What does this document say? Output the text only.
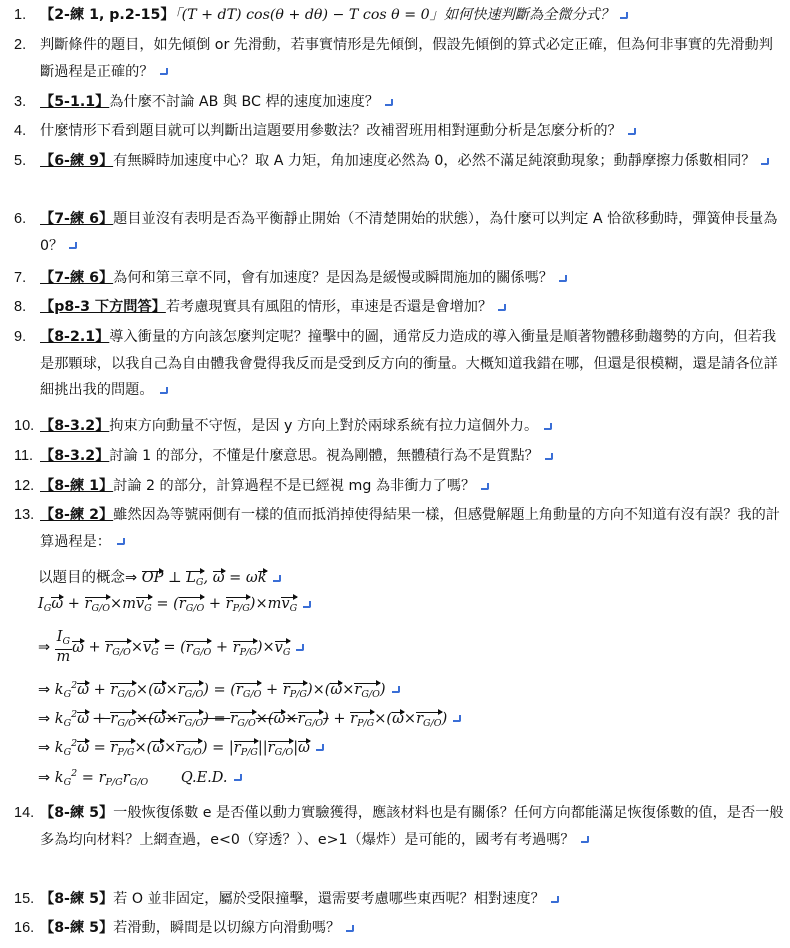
1. 【2-練 1, p.2-15】「(T + dT) cos(θ + dθ) − T cos θ = 0」如何快速判斷為全微分式？
2. 判斷條件的題目，如先傾倒 or 先滑動，若事實情形是先傾倒，假設先傾倒的算式必定正確，但為何非事實的先滑動判斷過程是正確的？
3. 【5-1.1】為什麼不討論 AB 與 BC 桿的速度加速度？
4. 什麼情形下看到題目就可以判斷出這題要用參數法？改補習班用相對運動分析是怎麼分析的？
5. 【6-練 9】有無瞬時加速度中心？取 A 力矩，角加速度必然為 0，必然不滿足純滾動現象；動靜摩擦力係數相同？
6. 【7-練 6】題目並沒有表明是否為平衡靜止開始（不清楚開始的狀態），為什麼可以判定 A 恰欲移動時，彈簧伸長量為 0？
7. 【7-練 6】為何和第三章不同，會有加速度？是因為是緩慢或瞬間施加的關係嗎？
8. 【p8-3 下方問答】若考慮現實具有風阻的情形，車速是否還是會增加？
9. 【8-2.1】導入衝量的方向該怎麼判定呢？撞擊中的圖，通常反力造成的導入衝量是順著物體移動趨勢的方向，但若我是那顆球，以我自己為自由體我會覺得我反而是受到反方向的衝量。大概知道我錯在哪，但還是很模糊，還是請各位詳細挑出我的問題。
10. 【8-3.2】拘束方向動量不守恆，是因 y 方向上對於兩球系統有拉力這個外力。
11. 【8-3.2】討論 1 的部分，不懂是什麼意思。視為剛體，無體積行為不是質點？
12. 【8-練 1】討論 2 的部分，計算過程不是已經視 mg 為非衝力了嗎？
13. 【8-練 2】雖然因為等號兩側有一樣的值而抵消掉使得結果一樣，但感覺解題上角動量的方向不知道有沒有誤？我的計算過程是：
以題目的概念⇒ OP ⊥ $L_G$, ω = ωk
$I_G\omega + r_{G/O}\times mv_G = (r_{G/O} + r_{P/G})\times mv_G$
⇒ $\frac{I_G}{m}$ $\omega + r_{G/O}\times v_G = (r_{G/O} + r_{P/G})\times v_G$
⇒ $k_G^2\omega + r_{G/O}\times(\omega\times r_{G/O}) = (r_{G/O} + r_{P/G})\times(\omega\times r_{G/O})$
⇒ $k_G^2\omega + r_{G/O}\times(\omega\times r_{G/O}) = r_{G/O}\times(\omega\times r_{G/O}) + r_{P/G}\times(\omega\times r_{G/O})$
⇒ $k_G^2\omega = r_{P/G}\times(\omega\times r_{G/O}) = |r_{P/G}||r_{G/O}|\omega$
⇒ $k_G^2 = r_{P/G}r_{G/O}$ Q.E.D.
14. 【8-練 5】一般恢復係數 e 是否僅以動力實驗獲得，應該材料也是有關係？任何方向都能滿足恢復係數的值，是否一般多為均向材料？上網查過，e<0（穿透？）、e>1（爆炸）是可能的，國考有考過嗎？
15. 【8-練 5】若 O 並非固定，屬於受限撞擊，還需要考慮哪些東西呢？相對速度？
16. 【8-練 5】若滑動，瞬間是以切線方向滑動嗎？
